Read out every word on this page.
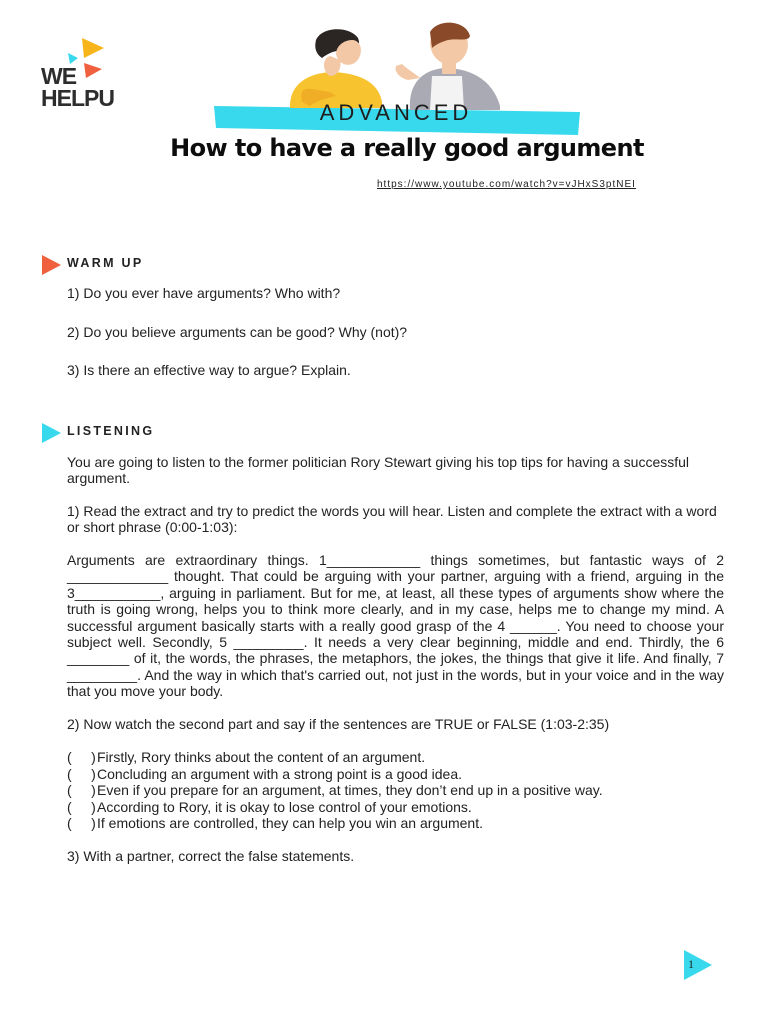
WE
HELPU
ADVANCED
How to have a really good argument
https://www.youtube.com/watch?v=vJHxS3ptNEI
WARM UP
1) Do you ever have arguments? Who with?
2) Do you believe arguments can be good? Why (not)?
3) Is there an effective way to argue? Explain.
LISTENING
You are going to listen to the former politician Rory Stewart giving his top tips for having a successful argument.
1) Read the extract and try to predict the words you will hear. Listen and complete the extract with a word or short phrase (0:00-1:03):
Arguments are extraordinary things. 1____________ things sometimes, but fantastic ways of 2 _____________ thought. That could be arguing with your partner, arguing with a friend, arguing in the 3___________, arguing in parliament. But for me, at least, all these types of arguments show where the truth is going wrong, helps you to think more clearly, and in my case, helps me to change my mind. A successful argument basically starts with a really good grasp of the 4 ______. You need to choose your subject well. Secondly, 5 _________. It needs a very clear beginning, middle and end. Thirdly, the 6 ________ of it, the words, the phrases, the metaphors, the jokes, the things that give it life. And finally, 7 _________. And the way in which that's carried out, not just in the words, but in your voice and in the way that you move your body.
2) Now watch the second part and say if the sentences are TRUE or FALSE (1:03-2:35)
( )Firstly, Rory thinks about the content of an argument.
( )Concluding an argument with a strong point is a good idea.
( )Even if you prepare for an argument, at times, they don’t end up in a positive way.
( )According to Rory, it is okay to lose control of your emotions.
( )If emotions are controlled, they can help you win an argument.
3) With a partner, correct the false statements.
1
